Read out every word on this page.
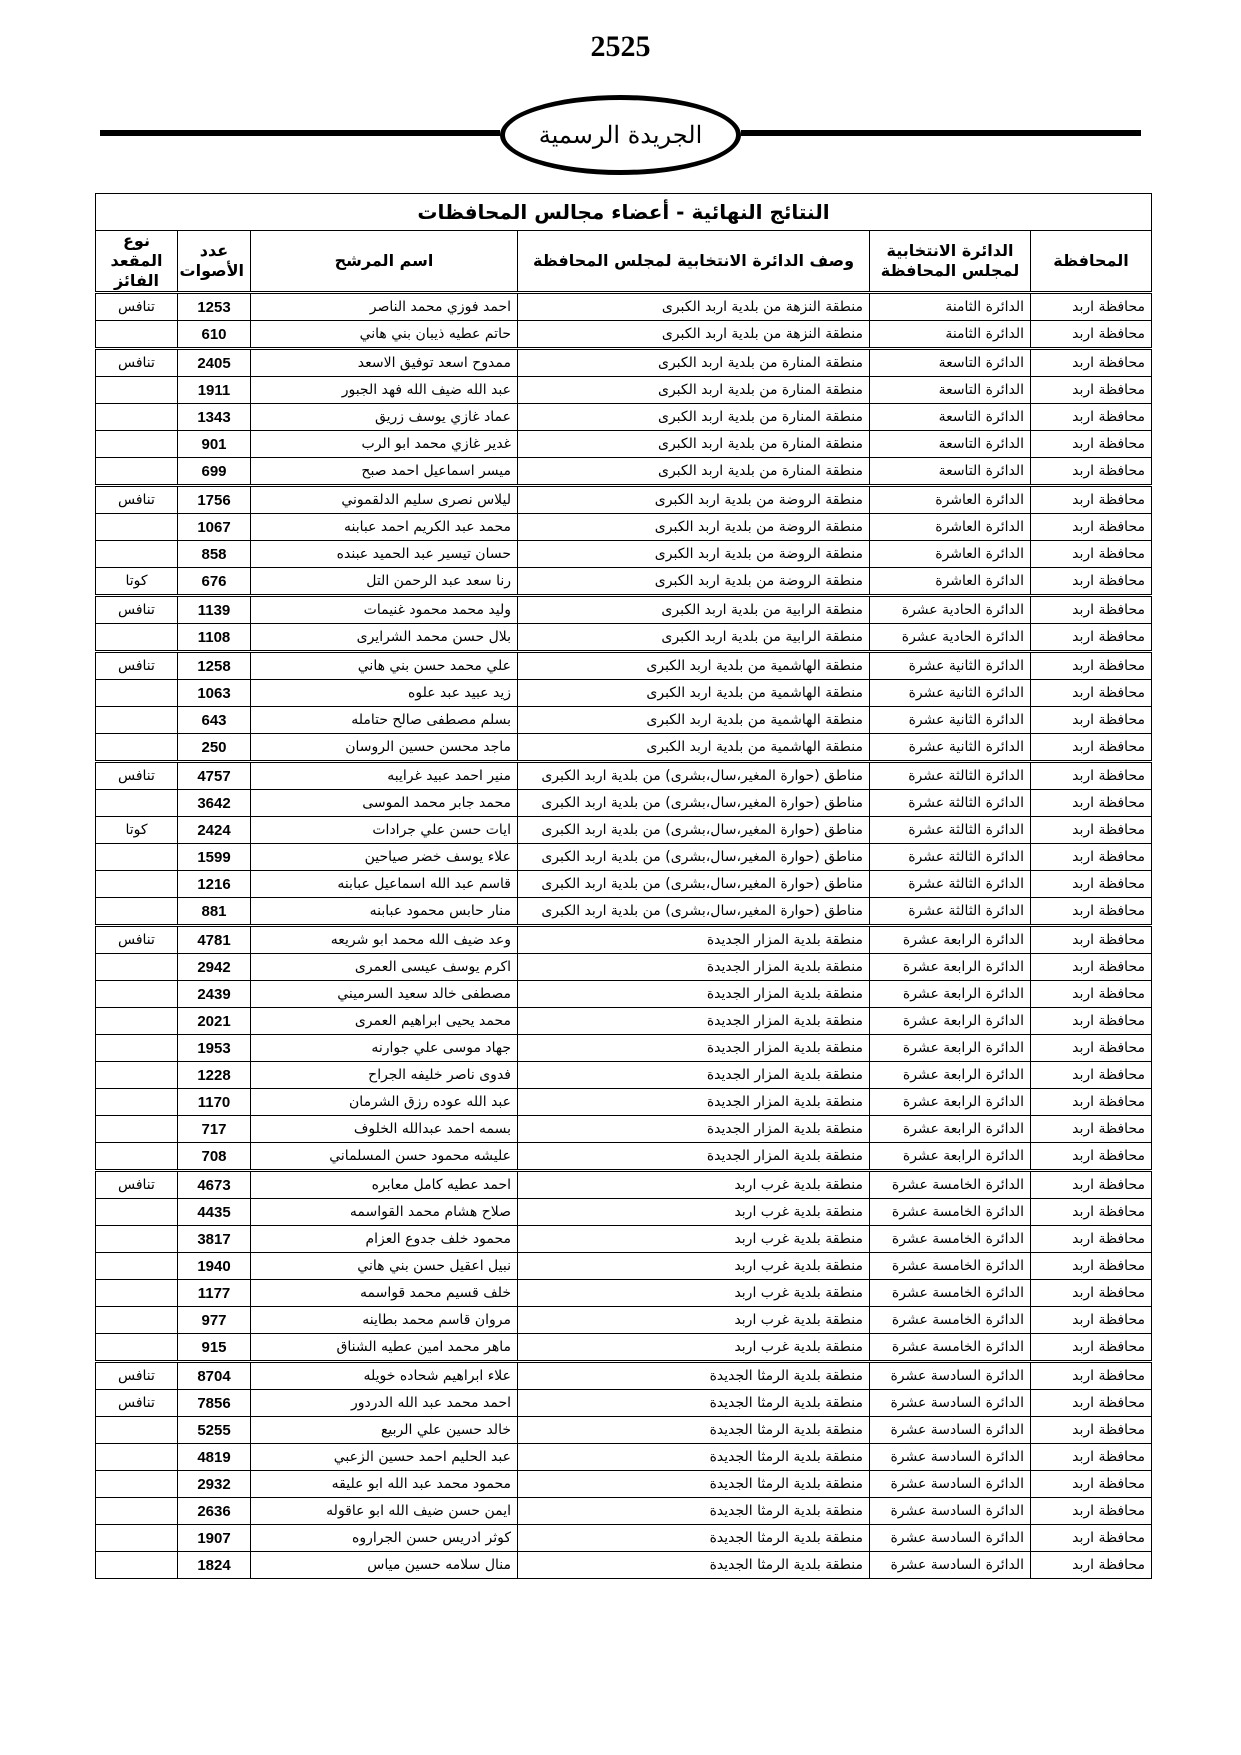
2525
الجريدة الرسمية
النتائج النهائية - أعضاء مجالس المحافظات					
المحافظة	الدائرة الانتخابية لمجلس المحافظة	وصف الدائرة الانتخابية لمجلس المحافظة	اسم المرشح	عدد الأصوات	نوع المقعد الفائز
محافظة اربد	الدائرة الثامنة	منطقة النزهة من بلدية اربد الكبرى	احمد فوزي محمد الناصر	1253	تنافس
محافظة اربد	الدائرة الثامنة	منطقة النزهة من بلدية اربد الكبرى	حاتم عطيه ذيبان بني هاني	610	
محافظة اربد	الدائرة التاسعة	منطقة المنارة من بلدية اربد الكبرى	ممدوح اسعد توفيق الاسعد	2405	تنافس
محافظة اربد	الدائرة التاسعة	منطقة المنارة من بلدية اربد الكبرى	عبد الله ضيف الله فهد الجبور	1911	
محافظة اربد	الدائرة التاسعة	منطقة المنارة من بلدية اربد الكبرى	عماد غازي يوسف زريق	1343	
محافظة اربد	الدائرة التاسعة	منطقة المنارة من بلدية اربد الكبرى	غدير غازي محمد ابو الرب	901	
محافظة اربد	الدائرة التاسعة	منطقة المنارة من بلدية اربد الكبرى	ميسر اسماعيل احمد صبح	699	
محافظة اربد	الدائرة العاشرة	منطقة الروضة من بلدية اربد الكبرى	ليلاس نصرى سليم الدلقموني	1756	تنافس
محافظة اربد	الدائرة العاشرة	منطقة الروضة من بلدية اربد الكبرى	محمد عبد الكريم احمد عبابنه	1067	
محافظة اربد	الدائرة العاشرة	منطقة الروضة من بلدية اربد الكبرى	حسان تيسير عبد الحميد عبنده	858	
محافظة اربد	الدائرة العاشرة	منطقة الروضة من بلدية اربد الكبرى	رنا سعد عبد الرحمن التل	676	كوتا
محافظة اربد	الدائرة الحادية عشرة	منطقة الرابية من بلدية اربد الكبرى	وليد محمد محمود غنيمات	1139	تنافس
محافظة اربد	الدائرة الحادية عشرة	منطقة الرابية من بلدية اربد الكبرى	بلال حسن محمد الشرايرى	1108	
محافظة اربد	الدائرة الثانية عشرة	منطقة الهاشمية من بلدية اربد الكبرى	علي محمد حسن بني هاني	1258	تنافس
محافظة اربد	الدائرة الثانية عشرة	منطقة الهاشمية من بلدية اربد الكبرى	زيد عبيد عبد علوه	1063	
محافظة اربد	الدائرة الثانية عشرة	منطقة الهاشمية من بلدية اربد الكبرى	بسلم مصطفى صالح حتامله	643	
محافظة اربد	الدائرة الثانية عشرة	منطقة الهاشمية من بلدية اربد الكبرى	ماجد محسن حسين الروسان	250	
محافظة اربد	الدائرة الثالثة عشرة	مناطق (حوارة المغير،سال،بشرى) من بلدية اربد الكبرى	منير احمد عبيد غرايبه	4757	تنافس
محافظة اربد	الدائرة الثالثة عشرة	مناطق (حوارة المغير،سال،بشرى) من بلدية اربد الكبرى	محمد جابر محمد الموسى	3642	
محافظة اربد	الدائرة الثالثة عشرة	مناطق (حوارة المغير،سال،بشرى) من بلدية اربد الكبرى	ايات حسن علي جرادات	2424	كوتا
محافظة اربد	الدائرة الثالثة عشرة	مناطق (حوارة المغير،سال،بشرى) من بلدية اربد الكبرى	علاء يوسف خضر صياحين	1599	
محافظة اربد	الدائرة الثالثة عشرة	مناطق (حوارة المغير،سال،بشرى) من بلدية اربد الكبرى	قاسم عبد الله اسماعيل عبابنه	1216	
محافظة اربد	الدائرة الثالثة عشرة	مناطق (حوارة المغير،سال،بشرى) من بلدية اربد الكبرى	منار حابس محمود عبابنه	881	
محافظة اربد	الدائرة الرابعة عشرة	منطقة بلدية المزار الجديدة	وعد ضيف الله محمد ابو شريعه	4781	تنافس
محافظة اربد	الدائرة الرابعة عشرة	منطقة بلدية المزار الجديدة	اكرم يوسف عيسى العمرى	2942	
محافظة اربد	الدائرة الرابعة عشرة	منطقة بلدية المزار الجديدة	مصطفى خالد سعيد السرميني	2439	
محافظة اربد	الدائرة الرابعة عشرة	منطقة بلدية المزار الجديدة	محمد يحيى ابراهيم العمرى	2021	
محافظة اربد	الدائرة الرابعة عشرة	منطقة بلدية المزار الجديدة	جهاد موسى علي جوارنه	1953	
محافظة اربد	الدائرة الرابعة عشرة	منطقة بلدية المزار الجديدة	فدوى ناصر خليفه الجراح	1228	
محافظة اربد	الدائرة الرابعة عشرة	منطقة بلدية المزار الجديدة	عبد الله عوده رزق الشرمان	1170	
محافظة اربد	الدائرة الرابعة عشرة	منطقة بلدية المزار الجديدة	بسمه احمد عبدالله الخلوف	717	
محافظة اربد	الدائرة الرابعة عشرة	منطقة بلدية المزار الجديدة	عليشه محمود حسن المسلماني	708	
محافظة اربد	الدائرة الخامسة عشرة	منطقة بلدية غرب اربد	احمد عطيه كامل معابره	4673	تنافس
محافظة اربد	الدائرة الخامسة عشرة	منطقة بلدية غرب اربد	صلاح هشام محمد القواسمه	4435	
محافظة اربد	الدائرة الخامسة عشرة	منطقة بلدية غرب اربد	محمود خلف جدوع العزام	3817	
محافظة اربد	الدائرة الخامسة عشرة	منطقة بلدية غرب اربد	نبيل اعقيل حسن بني هاني	1940	
محافظة اربد	الدائرة الخامسة عشرة	منطقة بلدية غرب اربد	خلف قسيم محمد قواسمه	1177	
محافظة اربد	الدائرة الخامسة عشرة	منطقة بلدية غرب اربد	مروان قاسم محمد بطاينه	977	
محافظة اربد	الدائرة الخامسة عشرة	منطقة بلدية غرب اربد	ماهر محمد امين عطيه الشناق	915	
محافظة اربد	الدائرة السادسة عشرة	منطقة بلدية الرمثا الجديدة	علاء ابراهيم شحاده خويله	8704	تنافس
محافظة اربد	الدائرة السادسة عشرة	منطقة بلدية الرمثا الجديدة	احمد محمد عبد الله الدردور	7856	تنافس
محافظة اربد	الدائرة السادسة عشرة	منطقة بلدية الرمثا الجديدة	خالد حسين علي الربيع	5255	
محافظة اربد	الدائرة السادسة عشرة	منطقة بلدية الرمثا الجديدة	عبد الحليم احمد حسين الزعبي	4819	
محافظة اربد	الدائرة السادسة عشرة	منطقة بلدية الرمثا الجديدة	محمود محمد عبد الله ابو عليقه	2932	
محافظة اربد	الدائرة السادسة عشرة	منطقة بلدية الرمثا الجديدة	ايمن حسن ضيف الله ابو عاقوله	2636	
محافظة اربد	الدائرة السادسة عشرة	منطقة بلدية الرمثا الجديدة	كوثر ادريس حسن الجراروه	1907	
محافظة اربد	الدائرة السادسة عشرة	منطقة بلدية الرمثا الجديدة	منال سلامه حسين مياس	1824	
